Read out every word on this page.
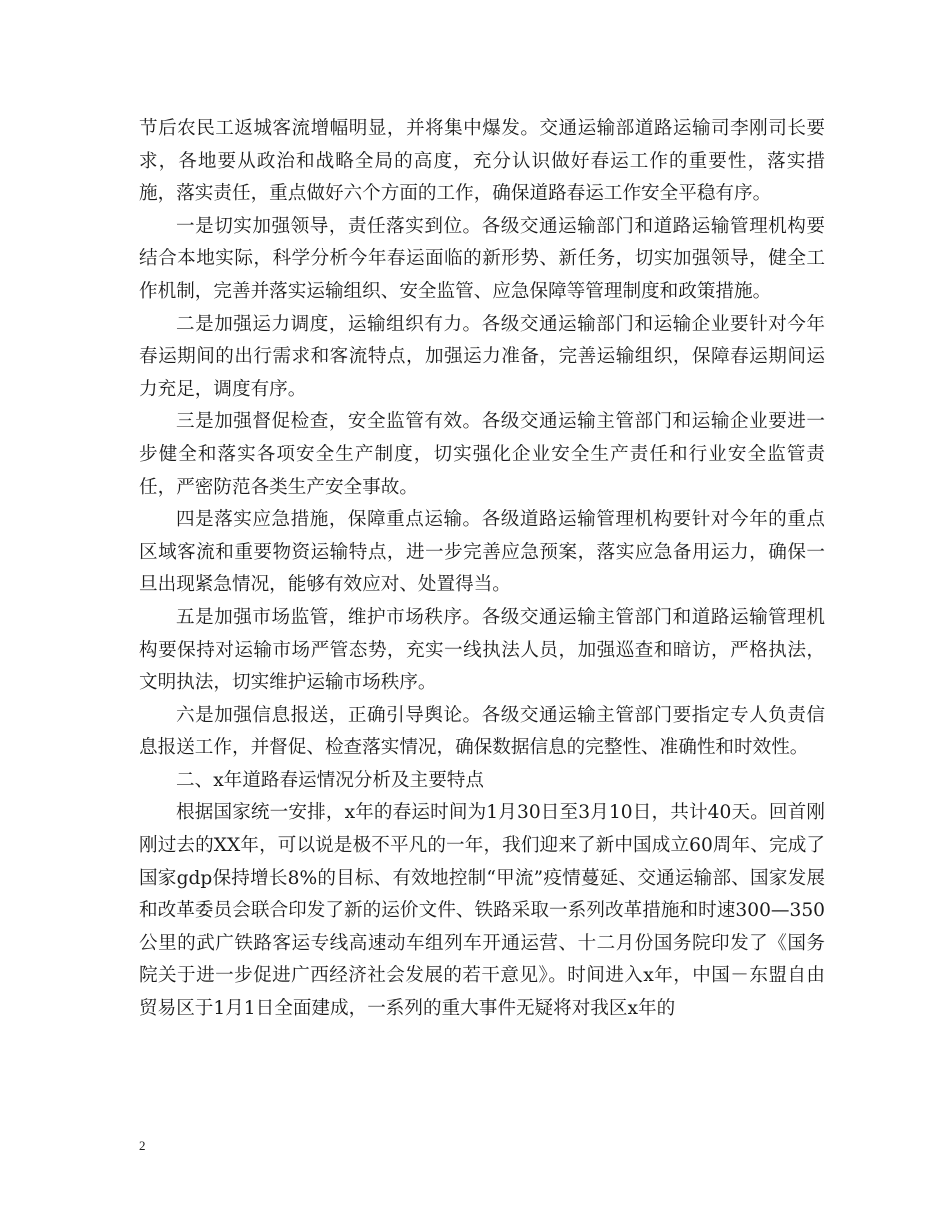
节后农民工返城客流增幅明显，并将集中爆发。交通运输部道路运输司李刚司长要求，各地要从政治和战略全局的高度，充分认识做好春运工作的重要性，落实措施，落实责任，重点做好六个方面的工作，确保道路春运工作安全平稳有序。

一是切实加强领导，责任落实到位。各级交通运输部门和道路运输管理机构要结合本地实际，科学分析今年春运面临的新形势、新任务，切实加强领导，健全工作机制，完善并落实运输组织、安全监管、应急保障等管理制度和政策措施。

二是加强运力调度，运输组织有力。各级交通运输部门和运输企业要针对今年春运期间的出行需求和客流特点，加强运力准备，完善运输组织，保障春运期间运力充足，调度有序。

三是加强督促检查，安全监管有效。各级交通运输主管部门和运输企业要进一步健全和落实各项安全生产制度，切实强化企业安全生产责任和行业安全监管责任，严密防范各类生产安全事故。

四是落实应急措施，保障重点运输。各级道路运输管理机构要针对今年的重点区域客流和重要物资运输特点，进一步完善应急预案，落实应急备用运力，确保一旦出现紧急情况，能够有效应对、处置得当。

五是加强市场监管，维护市场秩序。各级交通运输主管部门和道路运输管理机构要保持对运输市场严管态势，充实一线执法人员，加强巡查和暗访，严格执法，文明执法，切实维护运输市场秩序。

六是加强信息报送，正确引导舆论。各级交通运输主管部门要指定专人负责信息报送工作，并督促、检查落实情况，确保数据信息的完整性、准确性和时效性。

二、x年道路春运情况分析及主要特点

根据国家统一安排，x年的春运时间为1月30日至3月10日，共计40天。回首刚刚过去的XX年，可以说是极不平凡的一年，我们迎来了新中国成立60周年、完成了国家gdp保持增长8%的目标、有效地控制“甲流”疫情蔓延、交通运输部、国家发展和改革委员会联合印发了新的运价文件、铁路采取一系列改革措施和时速300—350公里的武广铁路客运专线高速动车组列车开通运营、十二月份国务院印发了《国务院关于进一步促进广西经济社会发展的若干意见》。时间进入x年，中国－东盟自由贸易区于1月1日全面建成，一系列的重大事件无疑将对我区x年的

2
